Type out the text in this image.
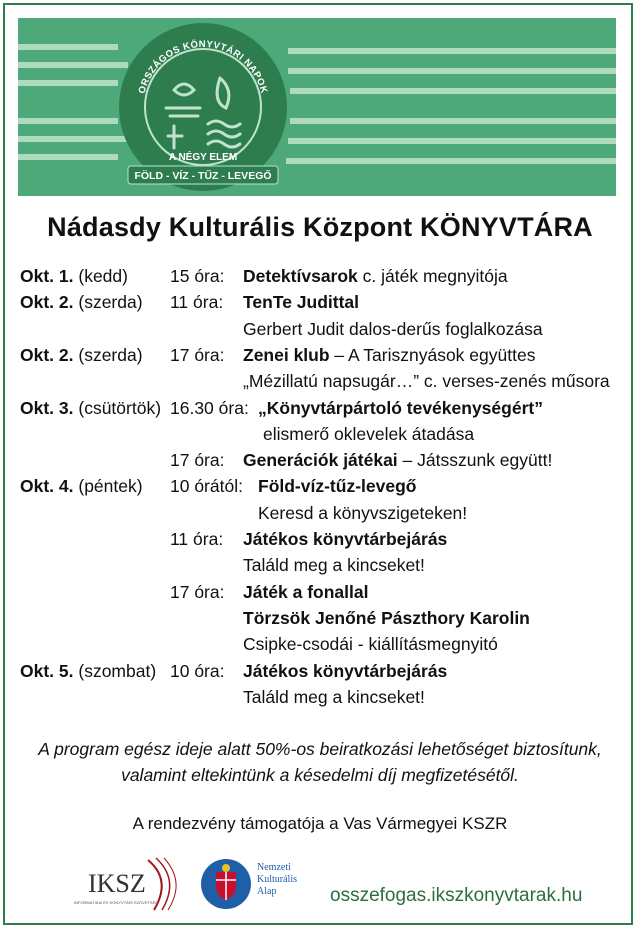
ORSZÁGOS KÖNYVTÁRI NAPOK
A NÉGY ELEM
FÖLD - VÍZ - TŰZ - LEVEGŐ
Nádasdy Kulturális Központ KÖNYVTÁRA
Okt. 1. (kedd) 15 óra: Detektívsarok c. játék megnyitója
Okt. 2. (szerda) 11 óra: TenTe Judittal
Gerbert Judit dalos-derűs foglalkozása
Okt. 2. (szerda) 17 óra: Zenei klub – A Tarisznyások együttes
„Mézillatú napsugár…” c. verses-zenés műsora
Okt. 3. (csütörtök) 16.30 óra: „Könyvtárpártoló tevékenységért”
elismerő oklevelek átadása
17 óra: Generációk játékai – Játsszunk együtt!
Okt. 4. (péntek) 10 órától: Föld-víz-tűz-levegő
Keresd a könyvszigeteken!
11 óra: Játékos könyvtárbejárás
Találd meg a kincseket!
17 óra: Játék a fonallal
Törzsök Jenőné Pászthory Karolin
Csipke-csodái - kiállításmegnyitó
Okt. 5. (szombat) 10 óra: Játékos könyvtárbejárás
Találd meg a kincseket!
A program egész ideje alatt 50%-os beiratkozási lehetőséget biztosítunk,
valamint eltekintünk a késedelmi díj megfizetésétől.
A rendezvény támogatója a Vas Vármegyei KSZR
IKSZ
INFORMATIKAI ÉS KÖNYVTÁRI SZÖVETSÉG
Nemzeti
Kulturális
Alap	osszefogas.ikszkonyvtarak.hu
